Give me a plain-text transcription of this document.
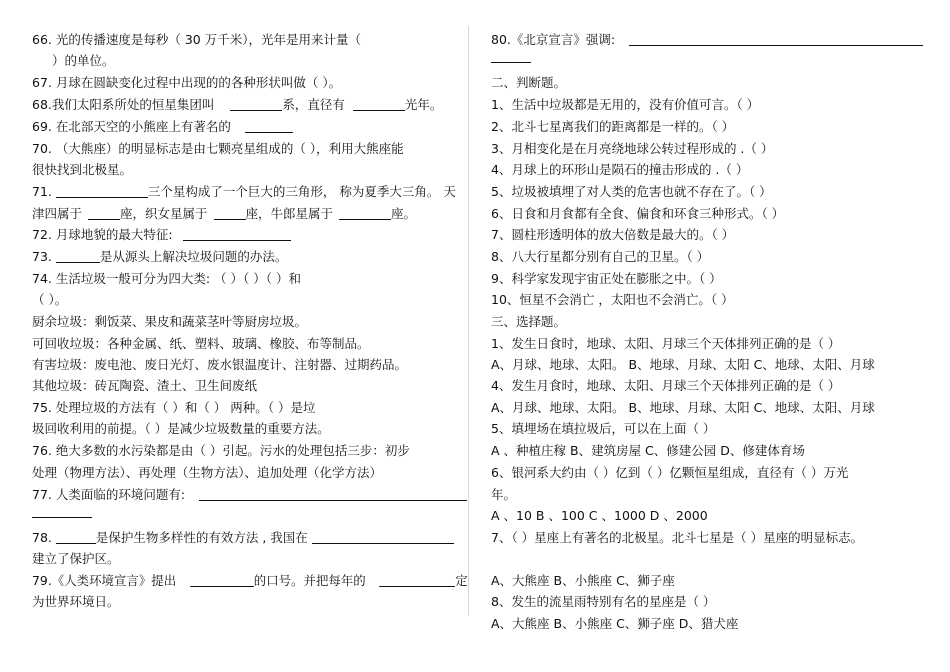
66. 光的传播速度是每秒（ 30 万千米），光年是用来计量（
）的单位。
67. 月球在圆缺变化过程中出现的的各种形状叫做（ ）。
68.我们太阳系所处的恒星集团叫	系，直径有	光年。
69. 在北部天空的小熊座上有著名的
70. （大熊座）的明显标志是由七颗亮星组成的（ ），利用大熊座能
很快找到北极星。
71.	三个星构成了一个巨大的三角形， 称为夏季大三角。 天
津四属于	座，织女星属于	座，牛郎星属于	座。
72. 月球地貌的最大特征:
73.	是从源头上解决垃圾问题的办法。
74. 生活垃圾一般可分为四大类: （ ）（ ）（ ）和
（ ）。
厨余垃圾：剩饭菜、果皮和蔬菜茎叶等厨房垃圾。
可回收垃圾：各种金属、纸、塑料、玻璃、橡胶、布等制品。
有害垃圾：废电池、废日光灯、废水银温度计、注射器、过期药品。
其他垃圾：砖瓦陶瓷、渣土、卫生间废纸
75. 处理垃圾的方法有（ ）和（ ） 两种。（ ）是垃
圾回收利用的前提。（ ）是减少垃圾数量的重要方法。
76. 绝大多数的水污染都是由（ ）引起。污水的处理包括三步：初步
处理（物理方法）、再处理（生物方法）、追加处理（化学方法）
77. 人类面临的环境问题有:
78.	是保护生物多样性的有效方法 , 我国在
建立了保护区。
79.《人类环境宣言》提出	的口号。并把每年的	定
为世界环境日。
80.《北京宣言》强调:
二、判断题。
1、生活中垃圾都是无用的，没有价值可言。（ ）
2、北斗七星离我们的距离都是一样的。（ ）
3、月相变化是在月亮绕地球公转过程形成的 .（ ）
4、月球上的环形山是陨石的撞击形成的 .（ ）
5、垃圾被填埋了对人类的危害也就不存在了。（ ）
6、日食和月食都有全食、偏食和环食三种形式。（ ）
7、圆柱形透明体的放大倍数是最大的。（ ）
8、八大行星都分别有自己的卫星。（ ）
9、科学家发现宇宙正处在膨胀之中。（ ）
10、恒星不会消亡 ，太阳也不会消亡。（ ）
三、选择题。
1、发生日食时，地球、太阳、月球三个天体排列正确的是（ ）
A、月球、地球、太阳。 B、地球、月球、太阳 C、地球、太阳、月球
4、发生月食时，地球、太阳、月球三个天体排列正确的是（ ）
A、月球、地球、太阳。 B、地球、月球、太阳 C、地球、太阳、月球
5、填埋场在填拉圾后，可以在上面（ ）
A 、种植庄稼 B、建筑房屋 C、修建公园 D、修建体育场
6、银河系大约由（ ）亿到（ ）亿颗恒星组成，直径有（ ）万光
年。
A 、10 B 、100 C 、1000 D 、2000
7、（ ）星座上有著名的北极星。北斗七星是（ ）星座的明显标志。
A、大熊座 B、小熊座 C、狮子座
8、发生的流星雨特别有名的星座是（ ）
A、大熊座 B、小熊座 C、狮子座 D、猎犬座
